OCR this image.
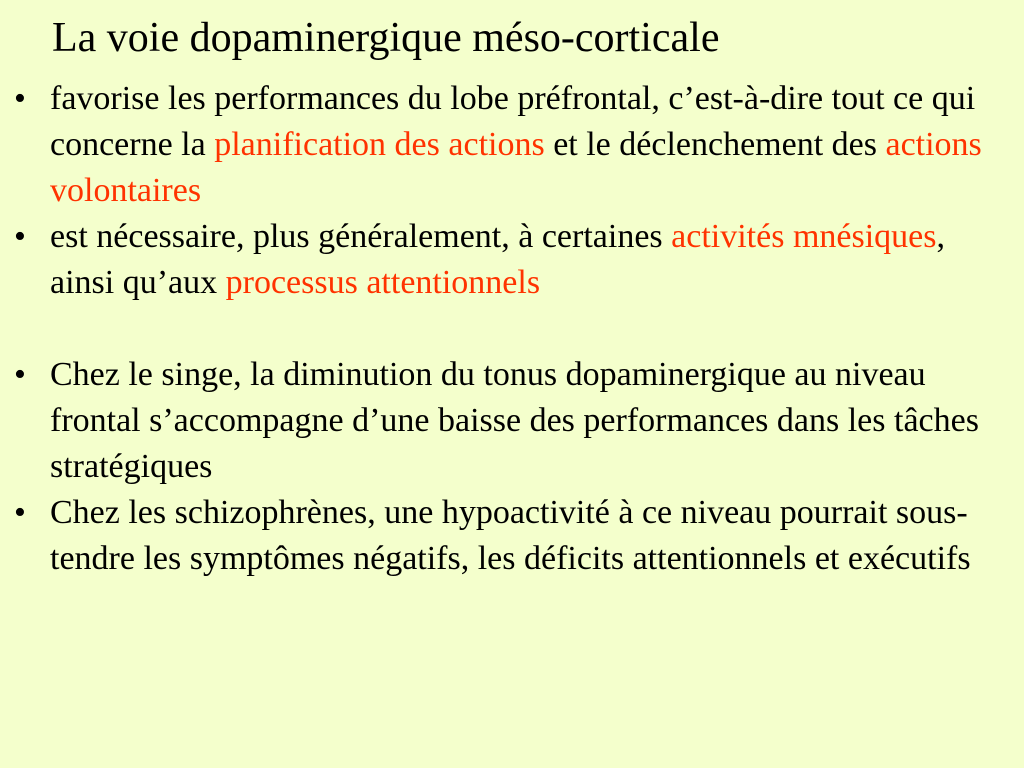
La voie dopaminergique méso-corticale
• favorise les performances du lobe préfrontal, c’est-à-dire tout ce qui concerne la planification des actions et le déclenchement des actions volontaires
• est nécessaire, plus généralement, à certaines activités mnésiques, ainsi qu’aux processus attentionnels
• Chez le singe, la diminution du tonus dopaminergique au niveau frontal s’accompagne d’une baisse des performances dans les tâches stratégiques
• Chez les schizophrènes, une hypoactivité à ce niveau pourrait sous-tendre les symptômes négatifs, les déficits attentionnels et exécutifs
